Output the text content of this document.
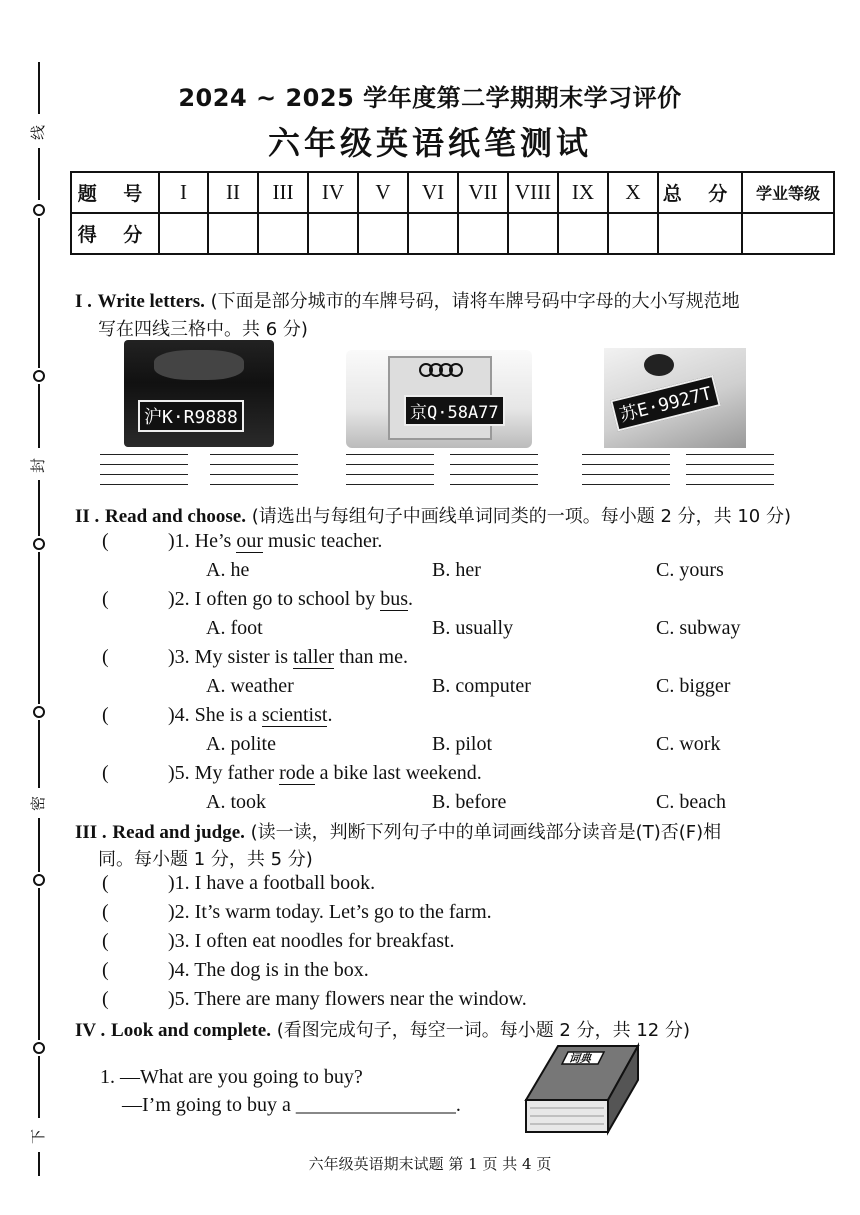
线
封
密
下
2024 ~ 2025 学年度第二学期期末学习评价
六年级英语纸笔测试
题 号	I	II	III	IV	V	VI	VII	VIII	IX	X	总 分	学业等级
得 分												
I . Write letters. (下面是部分城市的车牌号码，请将车牌号码中字母的大小写规范地
写在四线三格中。共 6 分)
沪K·R9888	京Q·58A77	苏E·9927T
II . Read and choose. (请选出与每组句子中画线单词同类的一项。每小题 2 分，共 10 分)
(	)1. He’s our music teacher.
A. he	B. her	C. yours
(	)2. I often go to school by bus.
A. foot	B. usually	C. subway
(	)3. My sister is taller than me.
A. weather	B. computer	C. bigger
(	)4. She is a scientist.
A. polite	B. pilot	C. work
(	)5. My father rode a bike last weekend.
A. took	B. before	C. beach
III . Read and judge. (读一读，判断下列句子中的单词画线部分读音是(T)否(F)相
同。每小题 1 分，共 5 分)
(	)1. I have a football book.
(	)2. It’s warm today. Let’s go to the farm.
(	)3. I often eat noodles for breakfast.
(	)4. The dog is in the box.
(	)5. There are many flowers near the window.
IV . Look and complete. (看图完成句子，每空一词。每小题 2 分，共 12 分)
1. —What are you going to buy?
—I’m going to buy a ________________.
词典
六年级英语期末试题 第 1 页 共 4 页
